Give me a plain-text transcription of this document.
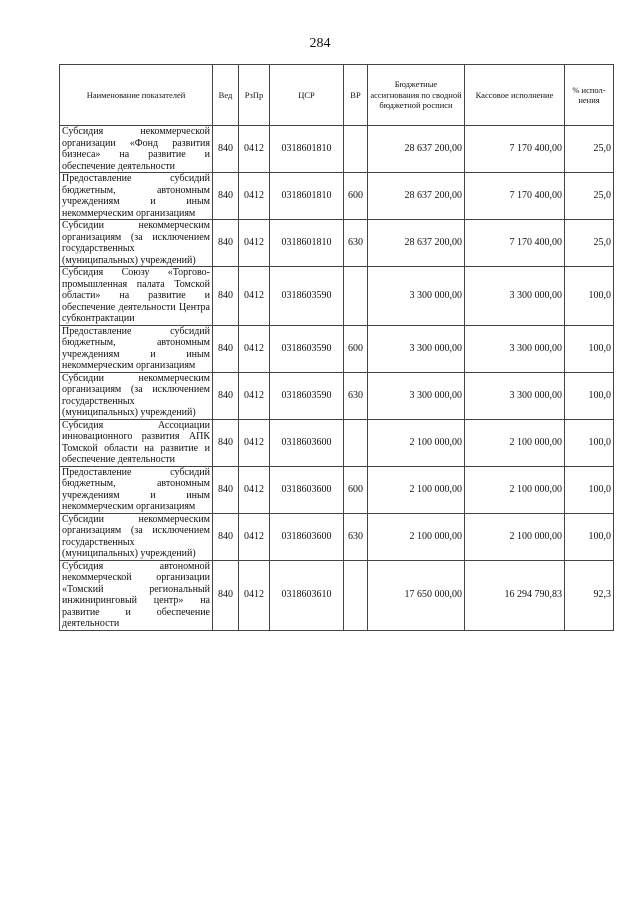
284
Наименование показателей	Вед	РзПр	ЦСР	ВР	Бюджетные ассигнования по сводной бюджетной росписи	Кассовое исполнение	% испол-нения
Субсидия некоммерческой организации «Фонд развития бизнеса» на развитие и обеспечение деятельности	840	0412	0318601810		28 637 200,00	7 170 400,00	25,0
Предоставление субсидий бюджетным, автономным учреждениям и иным некоммерческим организациям	840	0412	0318601810	600	28 637 200,00	7 170 400,00	25,0
Субсидии некоммерческим организациям (за исключением государственных (муниципальных) учреждений)	840	0412	0318601810	630	28 637 200,00	7 170 400,00	25,0
Субсидия Союзу «Торгово-промышленная палата Томской области» на развитие и обеспечение деятельности Центра субконтрактации	840	0412	0318603590		3 300 000,00	3 300 000,00	100,0
Предоставление субсидий бюджетным, автономным учреждениям и иным некоммерческим организациям	840	0412	0318603590	600	3 300 000,00	3 300 000,00	100,0
Субсидии некоммерческим организациям (за исключением государственных (муниципальных) учреждений)	840	0412	0318603590	630	3 300 000,00	3 300 000,00	100,0
Субсидия Ассоциации инновационного развития АПК Томской области на развитие и обеспечение деятельности	840	0412	0318603600		2 100 000,00	2 100 000,00	100,0
Предоставление субсидий бюджетным, автономным учреждениям и иным некоммерческим организациям	840	0412	0318603600	600	2 100 000,00	2 100 000,00	100,0
Субсидии некоммерческим организациям (за исключением государственных (муниципальных) учреждений)	840	0412	0318603600	630	2 100 000,00	2 100 000,00	100,0
Субсидия автономной некоммерческой организации «Томский региональный инжиниринговый центр» на развитие и обеспечение деятельности	840	0412	0318603610		17 650 000,00	16 294 790,83	92,3
